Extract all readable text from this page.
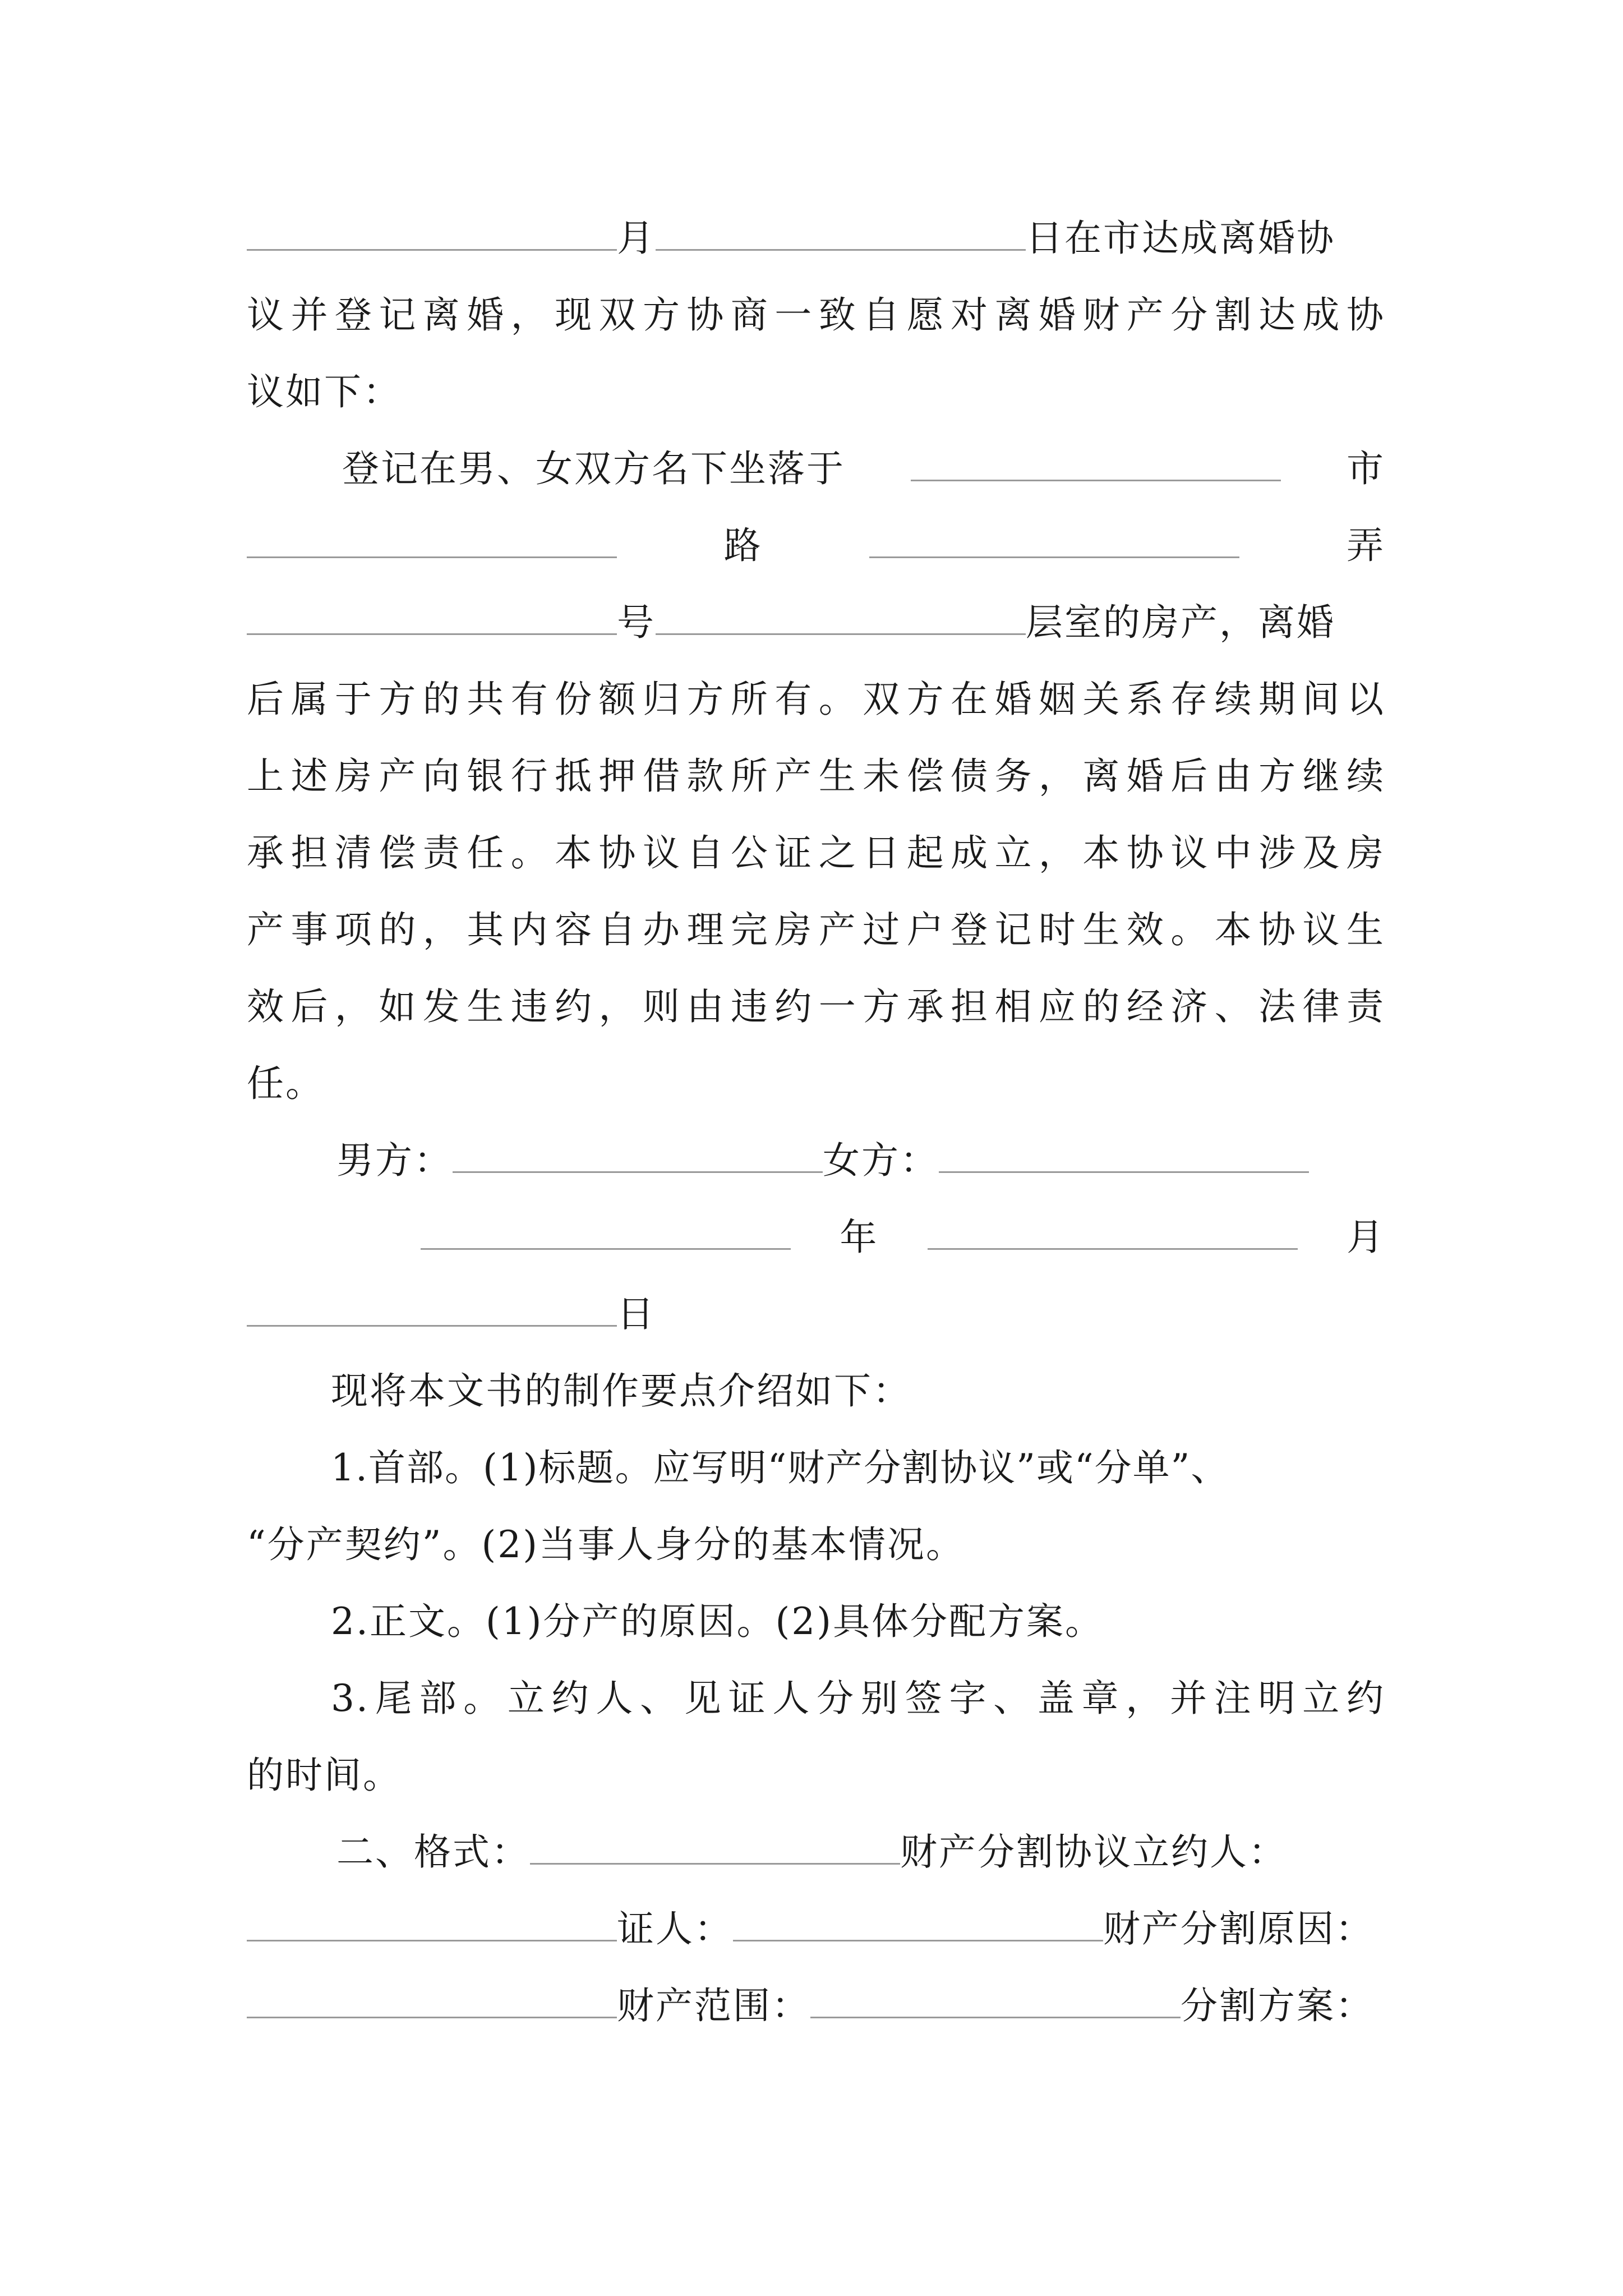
月	日在市达成离婚协
议并登记离婚，现双方协商一致自愿对离婚财产分割达成协
议如下：
登记在男、女双方名下坐落于	市
路	弄
号	层室的房产，离婚
后属于方的共有份额归方所有。双方在婚姻关系存续期间以
上述房产向银行抵押借款所产生未偿债务，离婚后由方继续
承担清偿责任。本协议自公证之日起成立，本协议中涉及房
产事项的，其内容自办理完房产过户登记时生效。本协议生
效后，如发生违约，则由违约一方承担相应的经济、法律责
任。
男方：	女方：
年	月
日
现将本文书的制作要点介绍如下：
1.首部。(1)标题。应写明“财产分割协议”或“分单”、
“分产契约”。(2)当事人身分的基本情况。
2.正文。(1)分产的原因。(2)具体分配方案。
3.尾部。立约人、见证人分别签字、盖章，并注明立约
的时间。
二、格式：	财产分割协议立约人：
证人：	财产分割原因：
财产范围：	分割方案：
